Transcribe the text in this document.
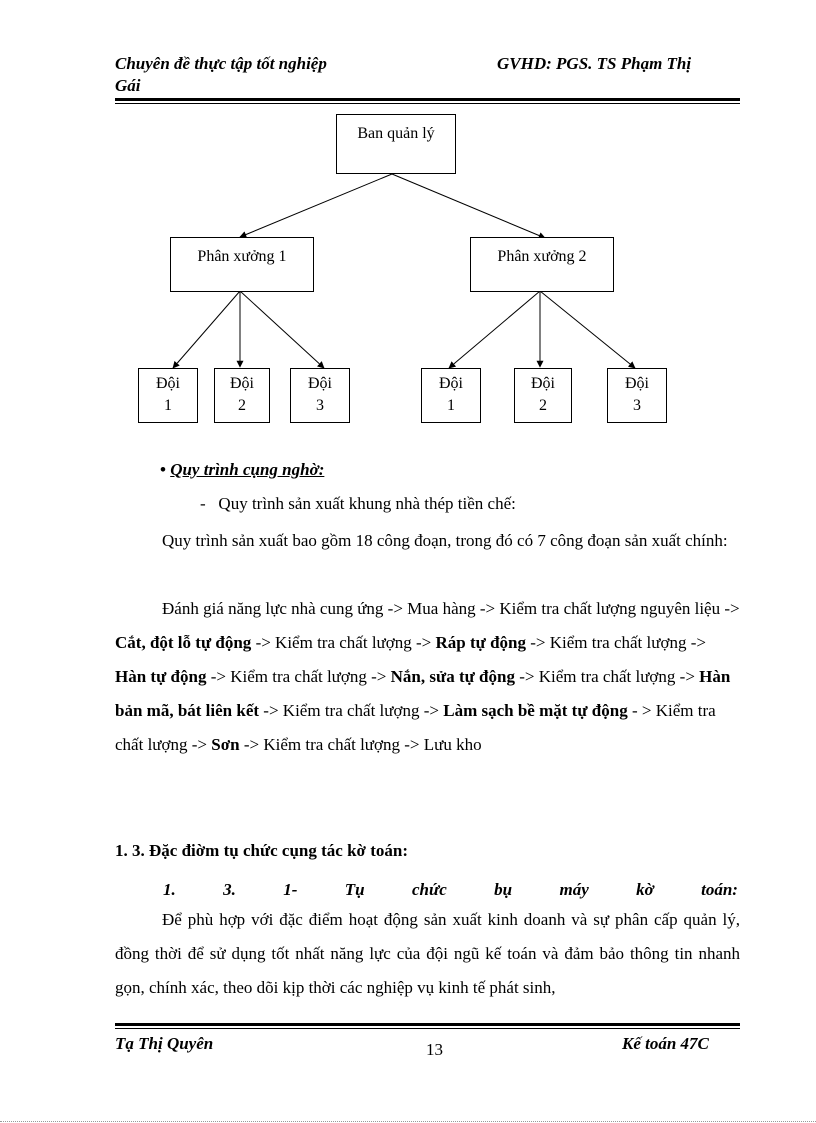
Chuyên đề thực tập tốt nghiệp	GVHD: PGS. TS Phạm Thị
Gái
Ban quản lý
Phân xưởng 1	Phân xưởng 2
Đội
1
Đội
2
Đội
3
Đội
1
Đội
2
Đội
3
• Quy trình cụng nghờ:
-   Quy trình sản xuất khung nhà thép tiền chế:
Quy trình sản xuất bao gồm 18 công đoạn, trong đó có 7 công đoạn sản xuất chính:
Đánh giá năng lực nhà cung ứng -> Mua hàng -> Kiểm tra chất lượng nguyên liệu -> Cắt, đột lỗ tự động -> Kiểm tra chất lượng -> Ráp tự động -> Kiểm tra chất lượng -> Hàn tự động -> Kiểm tra chất lượng -> Nắn, sửa tự động -> Kiểm tra chất lượng -> Hàn bản mã, bát liên kết -> Kiểm tra chất lượng -> Làm sạch bề mặt tự động - > Kiểm tra chất lượng -> Sơn -> Kiểm tra chất lượng -> Lưu kho
1. 3. Đặc điờm tụ chức cụng tác kờ toán:
1.	3.	1-	Tụ	chức	bụ	máy	kờ	toán:
Để phù hợp với đặc điểm hoạt động sản xuất kinh doanh và sự phân cấp quản lý, đồng thời để sử dụng tốt nhất năng lực của đội ngũ kế toán và đảm bảo thông tin nhanh gọn, chính xác, theo dõi kịp thời các nghiệp vụ kinh tế phát sinh,
Tạ Thị Quyên	13	Kế toán 47C
